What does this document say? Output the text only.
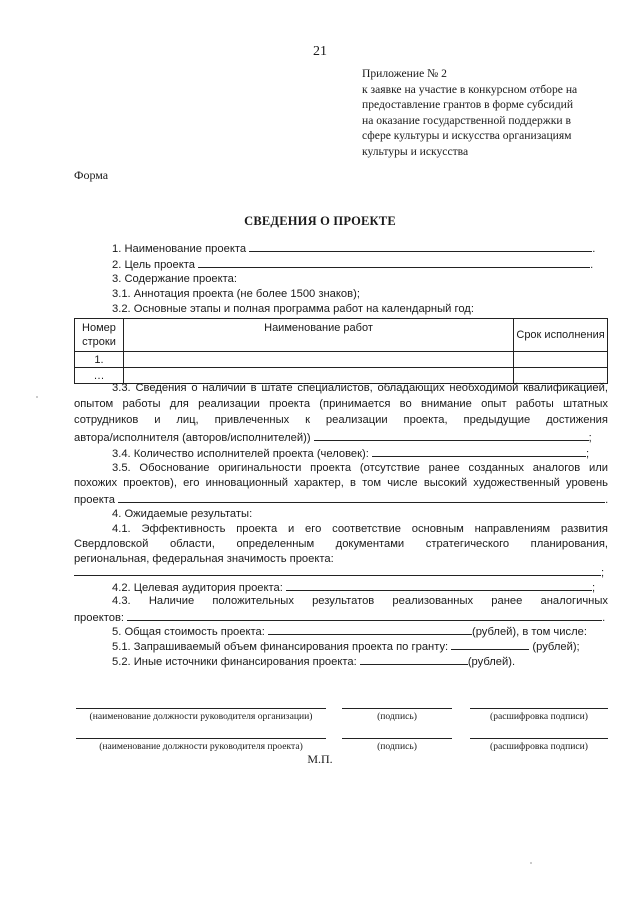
21
Приложение № 2
к заявке на участие в конкурсном отборе на
предоставление грантов в форме субсидий
на оказание государственной поддержки в
сфере культуры и искусства организациям
культуры и искусства
Форма
СВЕДЕНИЯ О ПРОЕКТЕ
1. Наименование проекта	.
2. Цель проекта	.
3. Содержание проекта:
3.1. Аннотация проекта (не более 1500 знаков);
3.2. Основные этапы и полная программа работ на календарный год:
Номер строки	Наименование работ	Срок исполнения
1.		
…		
3.3. Сведения о наличии в штате специалистов, обладающих необходимой квалификацией,
опытом работы для реализации проекта (принимается во внимание опыт работы штатных
сотрудников и лиц, привлеченных к реализации проекта, предыдущие достижения
автора/исполнителя (авторов/исполнителей))	;
3.4. Количество исполнителей проекта (человек):	;
3.5. Обоснование оригинальности проекта (отсутствие ранее созданных аналогов или
похожих проектов), его инновационный характер, в том числе высокий художественный уровень
проекта	.
4. Ожидаемые результаты:
4.1. Эффективность проекта и его соответствие основным направлениям развития
Свердловской области, определенным документами стратегического планирования,
региональная, федеральная значимость проекта:
;
4.2. Целевая аудитория проекта:	;
4.3. Наличие положительных результатов реализованных ранее аналогичных
проектов:	.
5. Общая стоимость проекта:	(рублей), в том числе:
5.1. Запрашиваемый объем финансирования проекта по гранту:	(рублей);
5.2. Иные источники финансирования проекта:	(рублей).
(наименование должности руководителя организации)	(подпись)	(расшифровка подписи)
(наименование должности руководителя проекта)	(подпись)	(расшифровка подписи)
М.П.
